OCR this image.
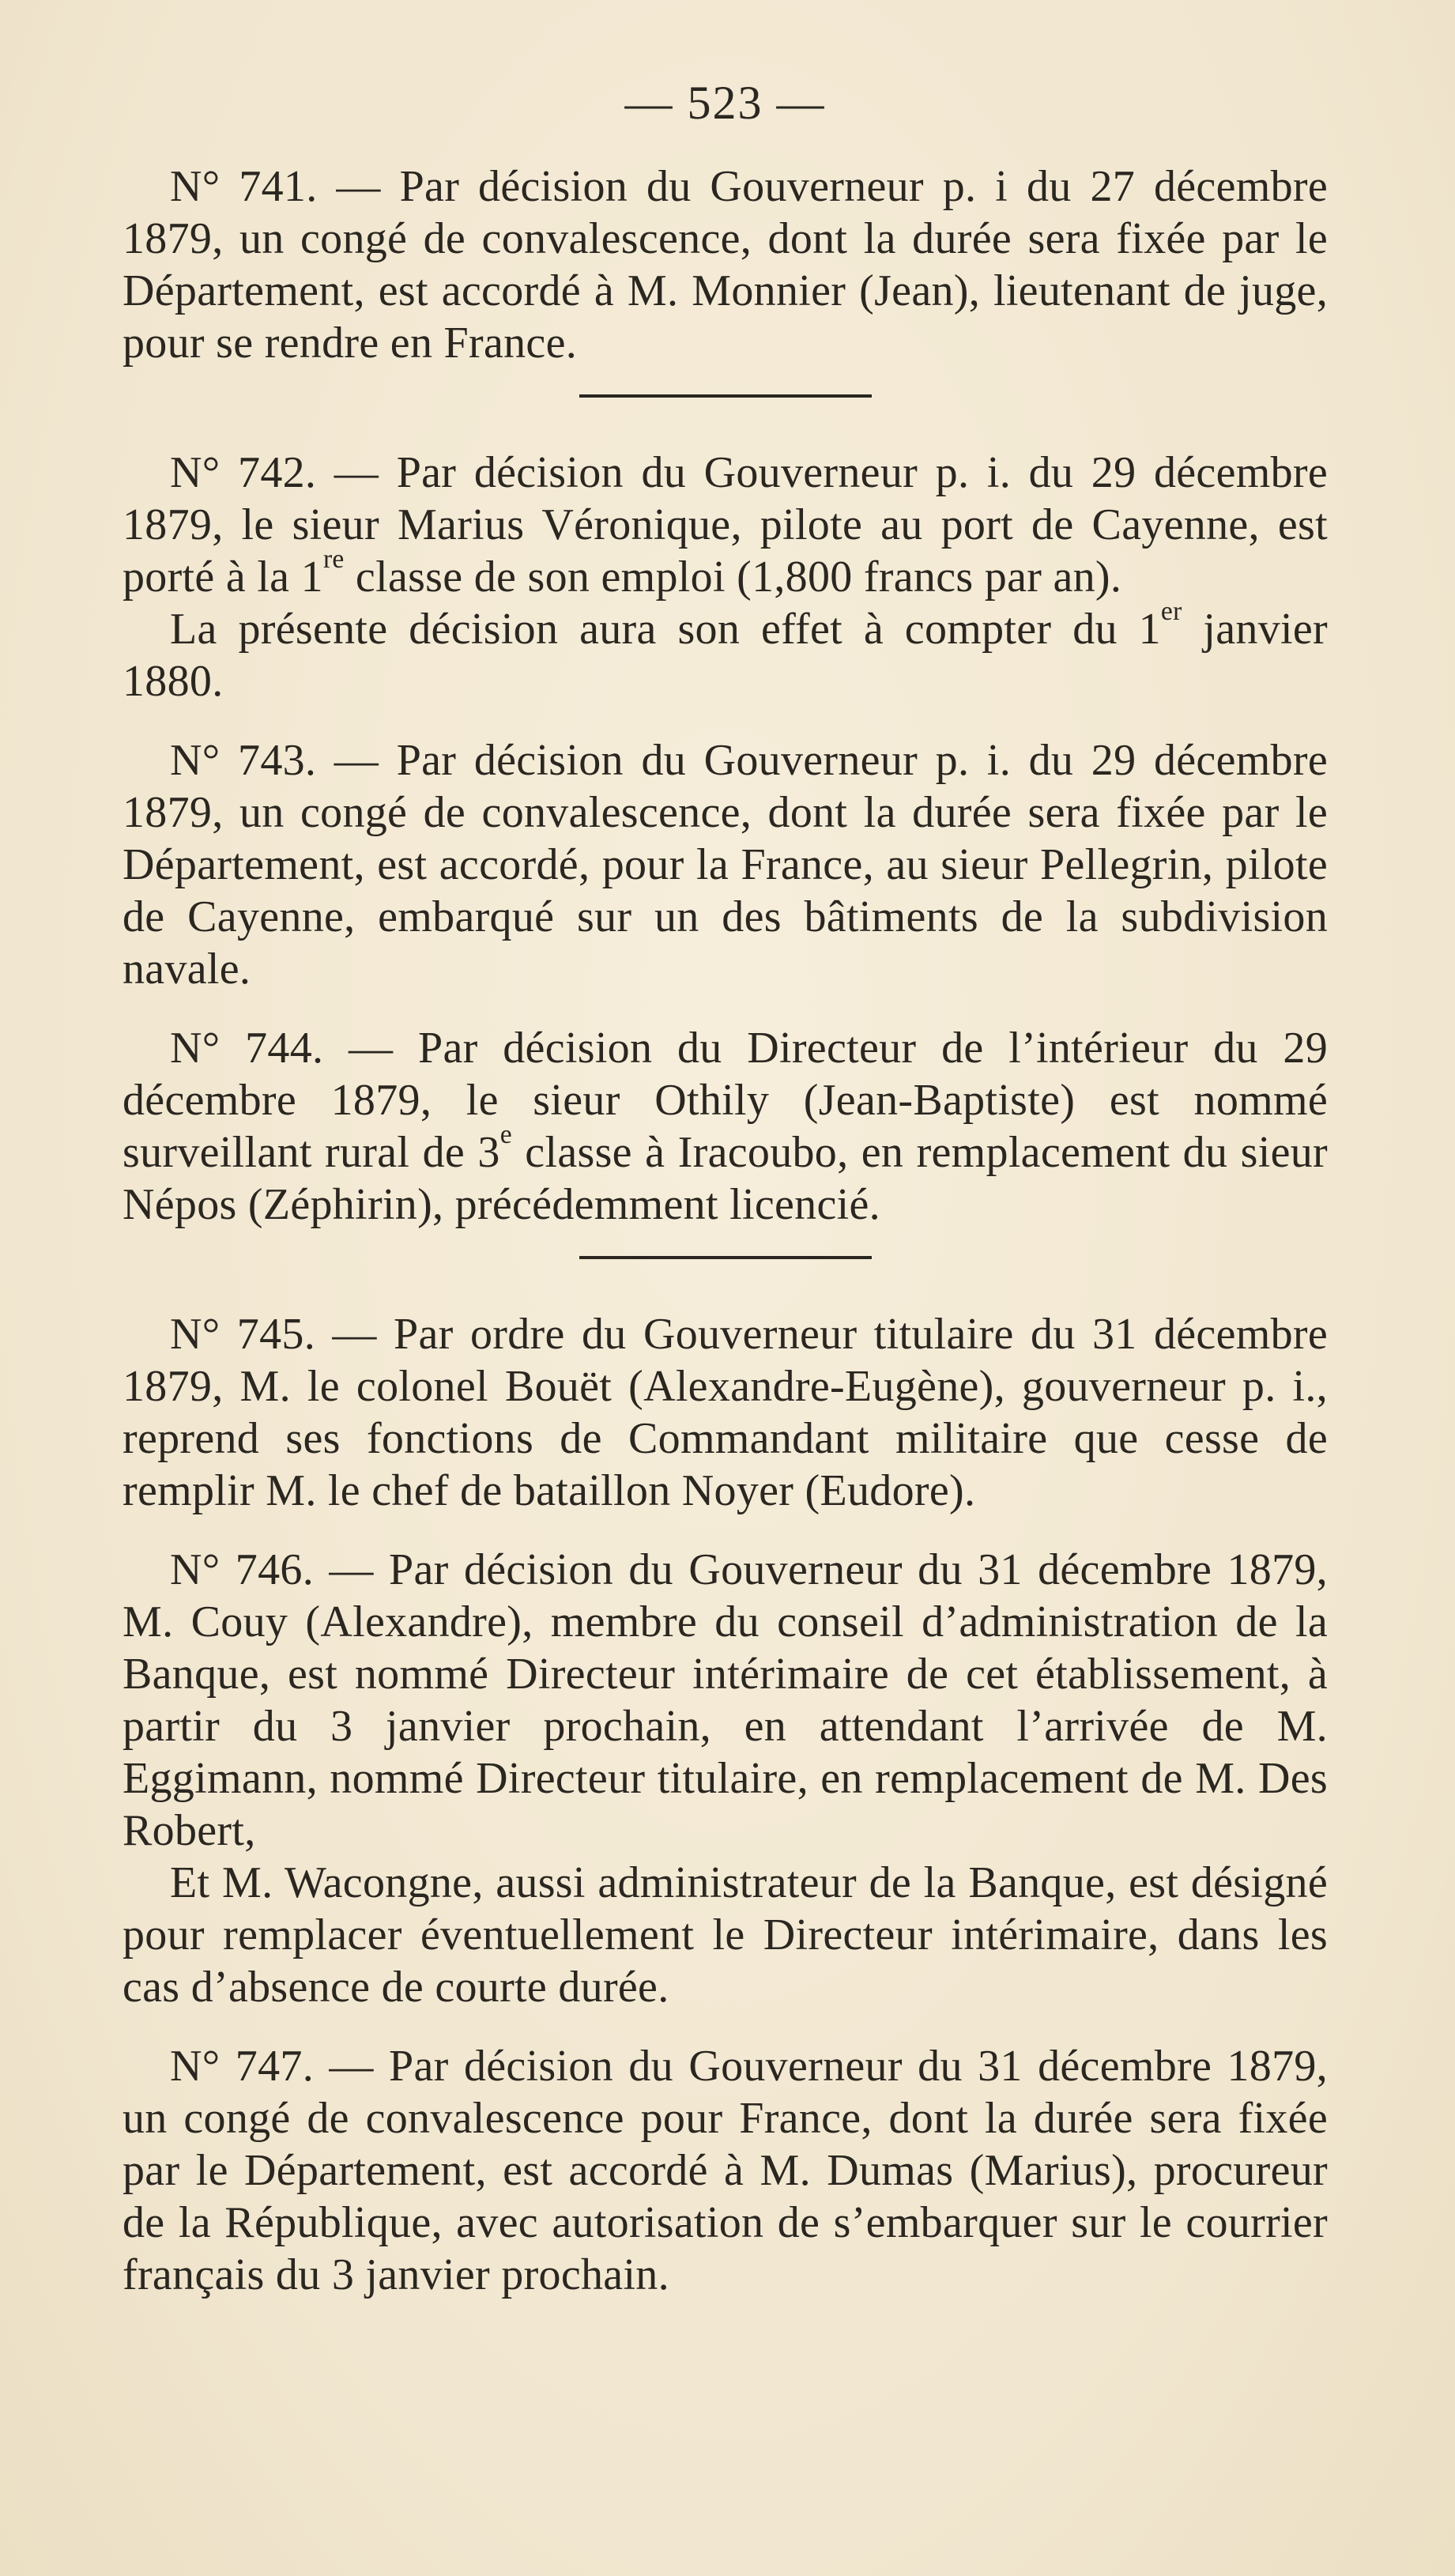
— 523 —

N° 741. — Par décision du Gouverneur p. i du 27 décembre 1879, un congé de convalescence, dont la durée sera fixée par le Département, est accordé à M. Monnier (Jean), lieutenant de juge, pour se rendre en France.

N° 742. — Par décision du Gouverneur p. i. du 29 décembre 1879, le sieur Marius Véronique, pilote au port de Cayenne, est porté à la 1re classe de son emploi (1,800 francs par an).

La présente décision aura son effet à compter du 1er janvier 1880.

N° 743. — Par décision du Gouverneur p. i. du 29 décembre 1879, un congé de convalescence, dont la durée sera fixée par le Département, est accordé, pour la France, au sieur Pellegrin, pilote de Cayenne, embarqué sur un des bâtiments de la subdivision navale.

N° 744. — Par décision du Directeur de l’intérieur du 29 décembre 1879, le sieur Othily (Jean-Baptiste) est nommé surveillant rural de 3e classe à Iracoubo, en remplacement du sieur Népos (Zéphirin), précédemment licencié.

N° 745. — Par ordre du Gouverneur titulaire du 31 décembre 1879, M. le colonel Bouët (Alexandre-Eugène), gouverneur p. i., reprend ses fonctions de Commandant militaire que cesse de remplir M. le chef de bataillon Noyer (Eudore).

N° 746. — Par décision du Gouverneur du 31 décembre 1879, M. Couy (Alexandre), membre du conseil d’administration de la Banque, est nommé Directeur intérimaire de cet établissement, à partir du 3 janvier prochain, en attendant l’arrivée de M. Eggimann, nommé Directeur titulaire, en remplacement de M. Des Robert,

Et M. Wacongne, aussi administrateur de la Banque, est désigné pour remplacer éventuellement le Directeur intérimaire, dans les cas d’absence de courte durée.

N° 747. — Par décision du Gouverneur du 31 décembre 1879, un congé de convalescence pour France, dont la durée sera fixée par le Département, est accordé à M. Dumas (Marius), procureur de la République, avec autorisation de s’embarquer sur le courrier français du 3 janvier prochain.
